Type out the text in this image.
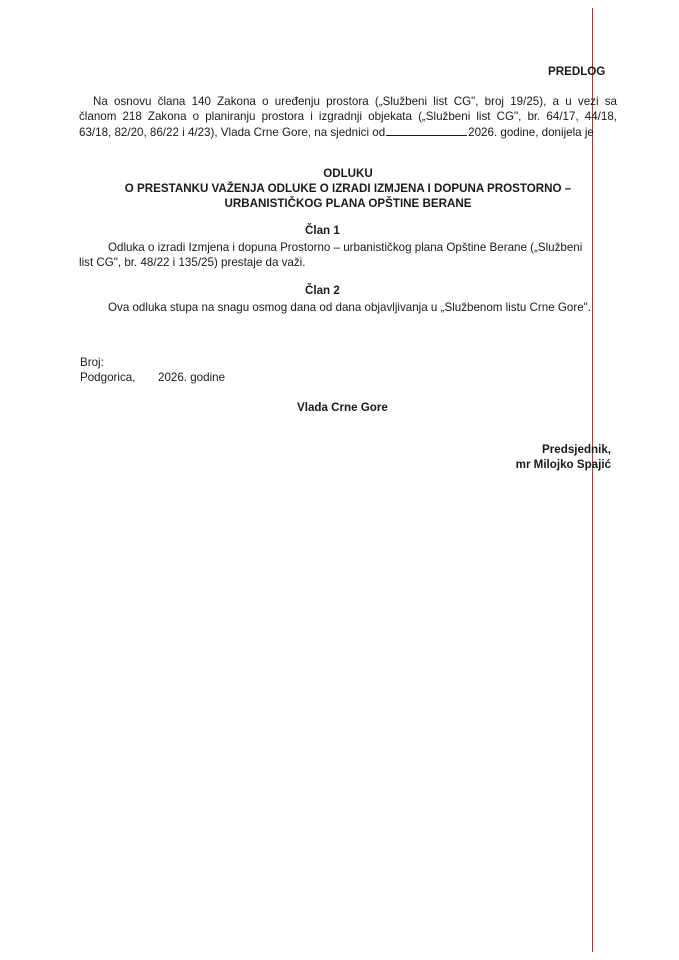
PREDLOG
Na osnovu člana 140 Zakona o uređenju prostora („Službeni list CG", broj 19/25), a u vezi sa
članom 218 Zakona o planiranju prostora i izgradnji objekata („Službeni list CG", br. 64/17, 44/18,
63/18, 82/20, 86/22 i 4/23), Vlada Crne Gore, na sjednici od	2026. godine, donijela je
ODLUKU
O PRESTANKU VAŽENJA ODLUKE O IZRADI IZMJENA I DOPUNA PROSTORNO –
URBANISTIČKOG PLANA OPŠTINE BERANE
Član 1
Odluka o izradi Izmjena i dopuna Prostorno – urbanističkog plana Opštine Berane („Službeni
list CG", br. 48/22 i 135/25) prestaje da važi.
Član 2
Ova odluka stupa na snagu osmog dana od dana objavljivanja u „Službenom listu Crne Gore".
Broj:
Podgorica, 2026. godine
Vlada Crne Gore
Predsjednik,
mr Milojko Spajić
